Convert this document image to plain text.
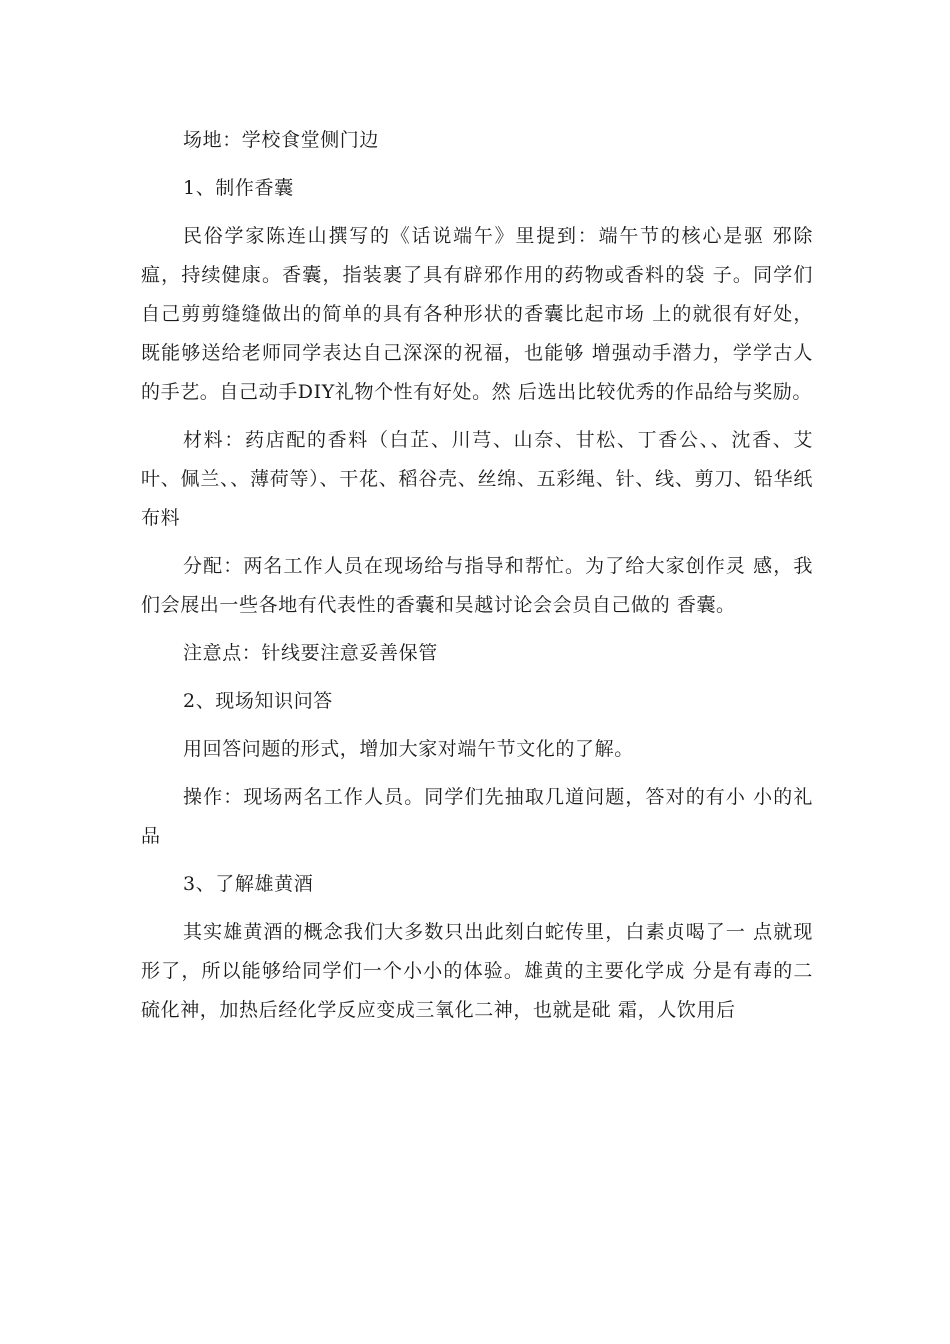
场地：学校食堂侧门边

1、制作香囊

民俗学家陈连山撰写的《话说端午》里提到：端午节的核心是驱 邪除瘟，持续健康。香囊，指装裹了具有辟邪作用的药物或香料的袋 子。同学们自己剪剪缝缝做出的简单的具有各种形状的香囊比起市场 上的就很有好处，既能够送给老师同学表达自己深深的祝福，也能够 增强动手潜力，学学古人的手艺。自己动手DIY礼物个性有好处。然 后选出比较优秀的作品给与奖励。

材料：药店配的香料（白芷、川芎、山奈、甘松、丁香公、、沈香、艾叶、佩兰、、薄荷等）、干花、稻谷壳、丝绵、五彩绳、针、线、剪刀、铅华纸布料

分配：两名工作人员在现场给与指导和帮忙。为了给大家创作灵 感，我们会展出一些各地有代表性的香囊和吴越讨论会会员自己做的 香囊。

注意点：针线要注意妥善保管

2、现场知识问答

用回答问题的形式，增加大家对端午节文化的了解。

操作：现场两名工作人员。同学们先抽取几道问题，答对的有小 小的礼品

3、了解雄黄酒

其实雄黄酒的概念我们大多数只出此刻白蛇传里，白素贞喝了一 点就现形了，所以能够给同学们一个小小的体验。雄黄的主要化学成 分是有毒的二硫化神，加热后经化学反应变成三氧化二神，也就是砒 霜，人饮用后
